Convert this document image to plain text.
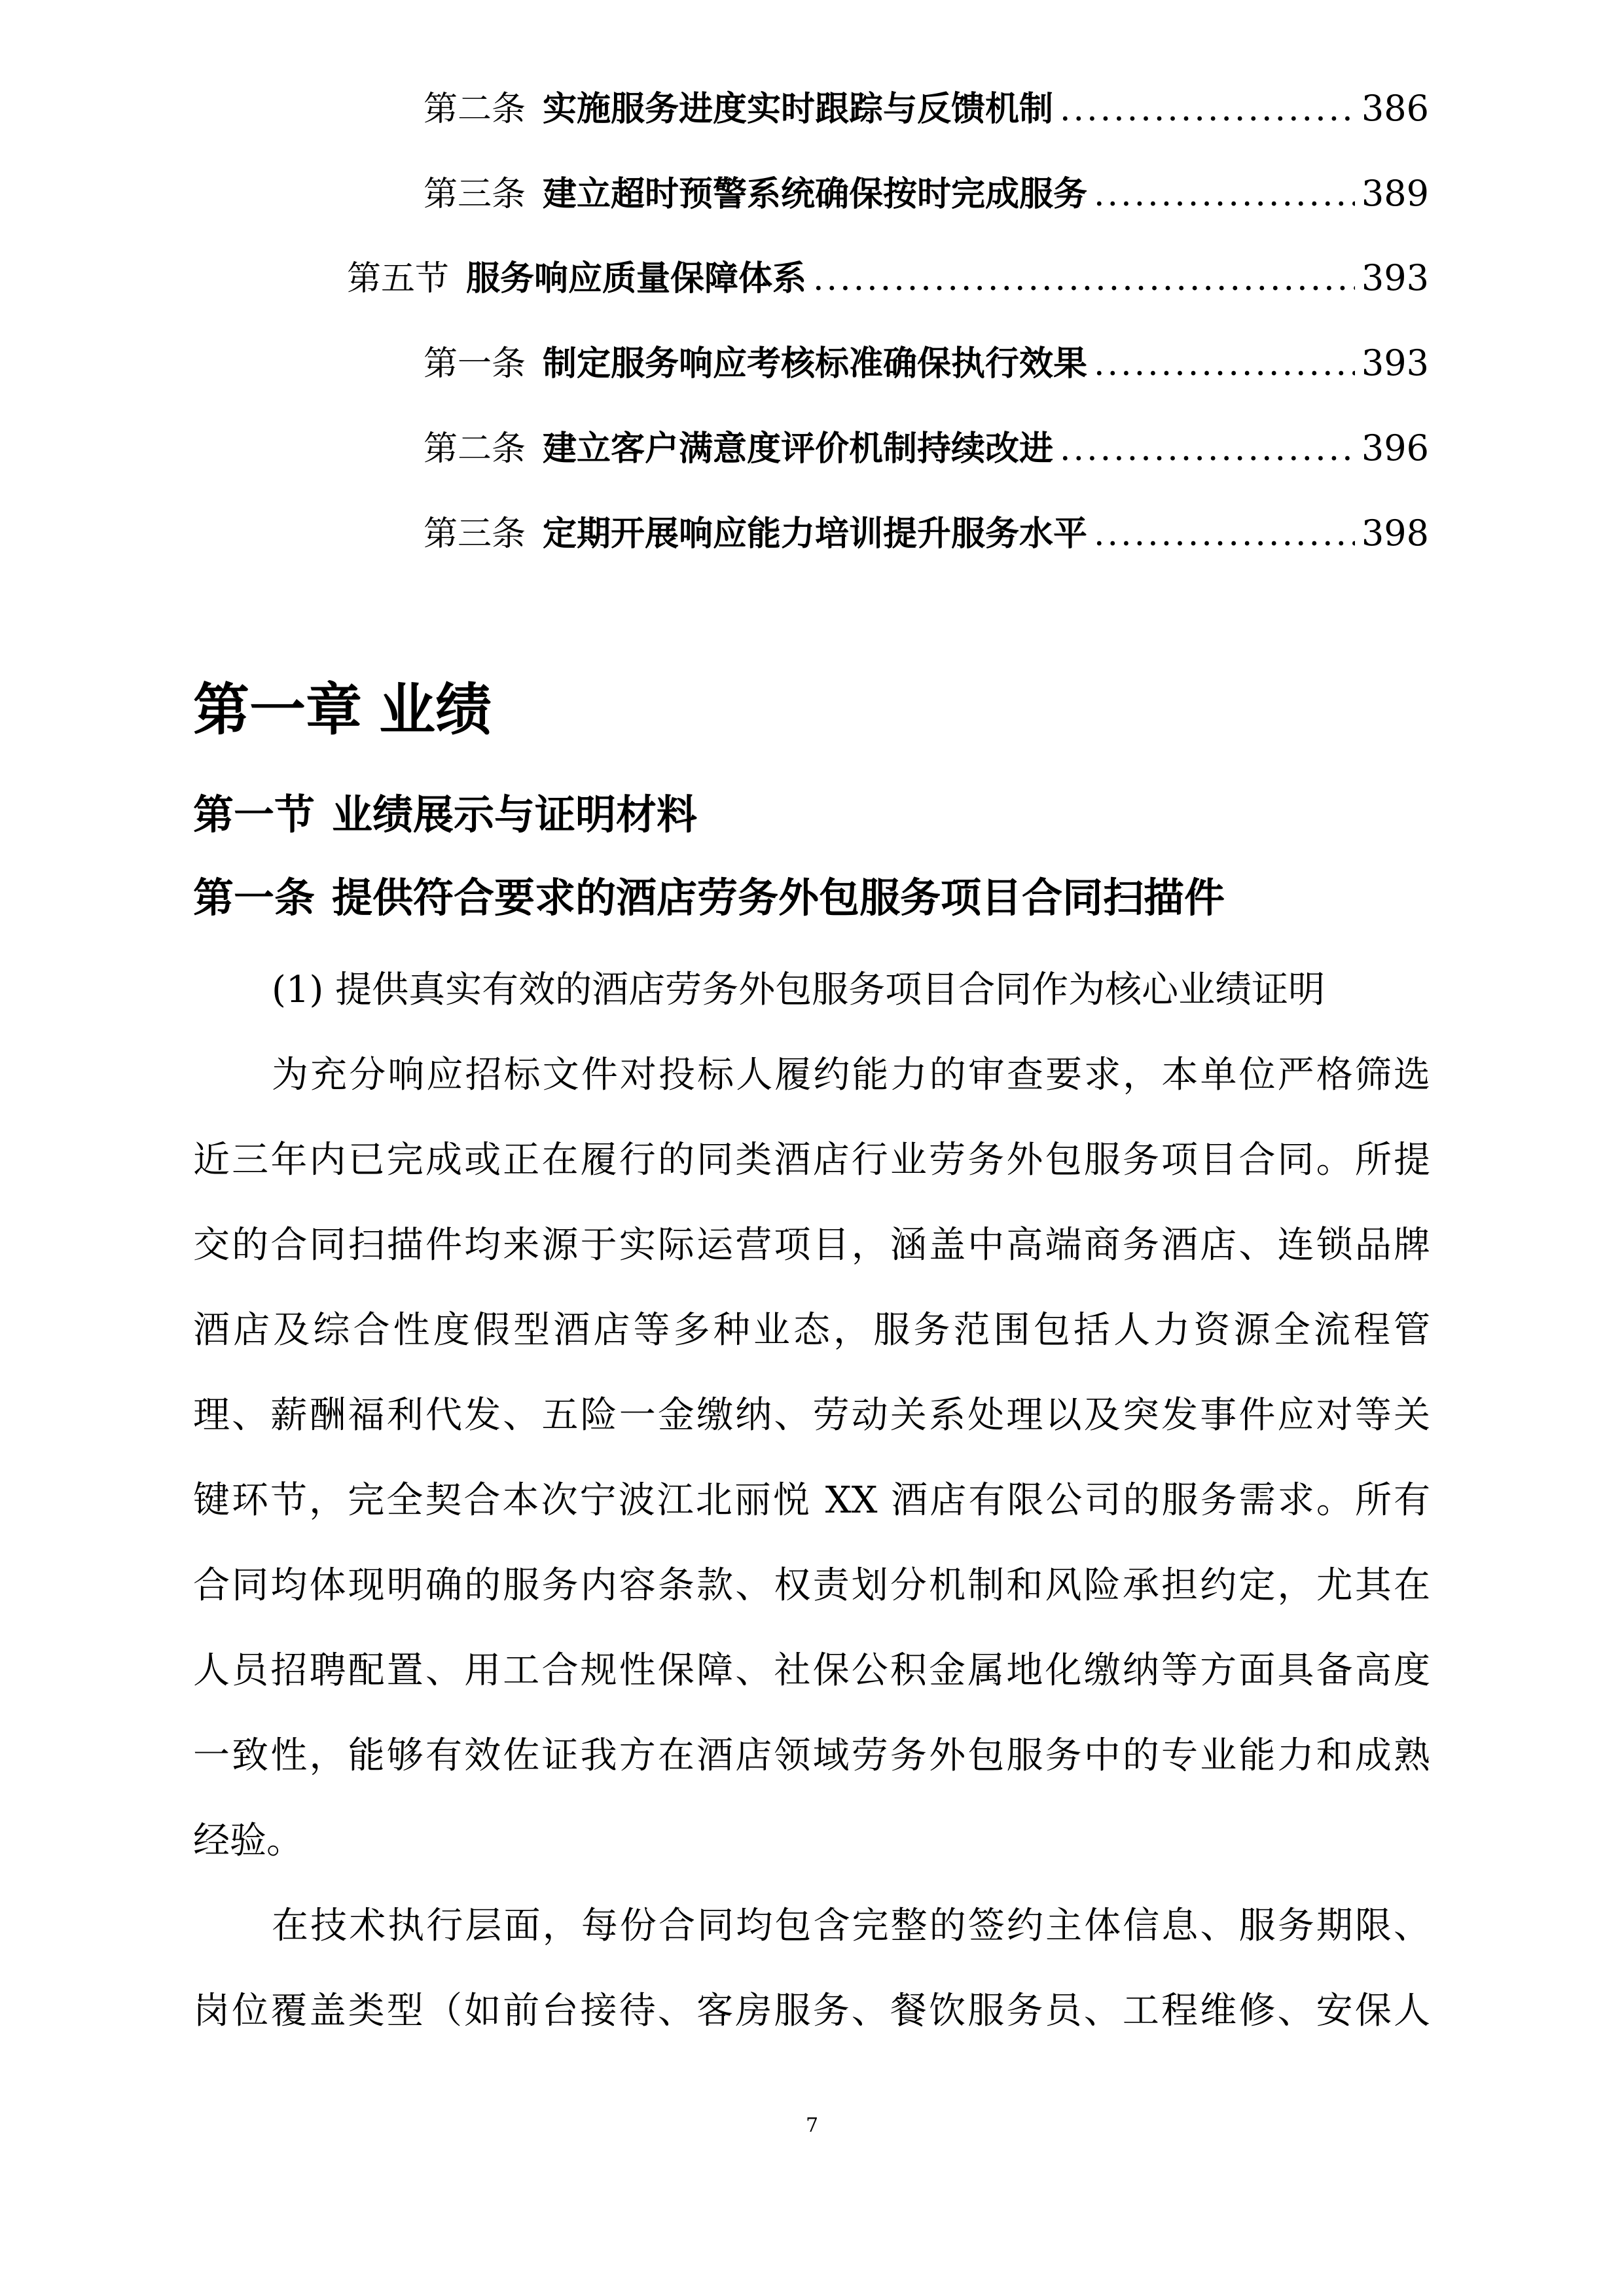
第二条 实施服务进度实时跟踪与反馈机制 .....	386
第三条 建立超时预警系统确保按时完成服务 .....	389
第五节 服务响应质量保障体系 .....	393
第一条 制定服务响应考核标准确保执行效果 .....	393
第二条 建立客户满意度评价机制持续改进 .....	396
第三条 定期开展响应能力培训提升服务水平 .....	398
第一章 业绩
第一节 业绩展示与证明材料
第一条 提供符合要求的酒店劳务外包服务项目合同扫描件
(1) 提供真实有效的酒店劳务外包服务项目合同作为核心业绩证明
为充分响应招标文件对投标人履约能力的审查要求，本单位严格筛选
近三年内已完成或正在履行的同类酒店行业劳务外包服务项目合同。所提
交的合同扫描件均来源于实际运营项目，涵盖中高端商务酒店、连锁品牌
酒店及综合性度假型酒店等多种业态，服务范围包括人力资源全流程管
理、薪酬福利代发、五险一金缴纳、劳动关系处理以及突发事件应对等关
键环节，完全契合本次宁波江北丽悦 XX 酒店有限公司的服务需求。所有
合同均体现明确的服务内容条款、权责划分机制和风险承担约定，尤其在
人员招聘配置、用工合规性保障、社保公积金属地化缴纳等方面具备高度
一致性，能够有效佐证我方在酒店领域劳务外包服务中的专业能力和成熟
经验。
在技术执行层面，每份合同均包含完整的签约主体信息、服务期限、
岗位覆盖类型（如前台接待、客房服务、餐饮服务员、工程维修、安保人
7
